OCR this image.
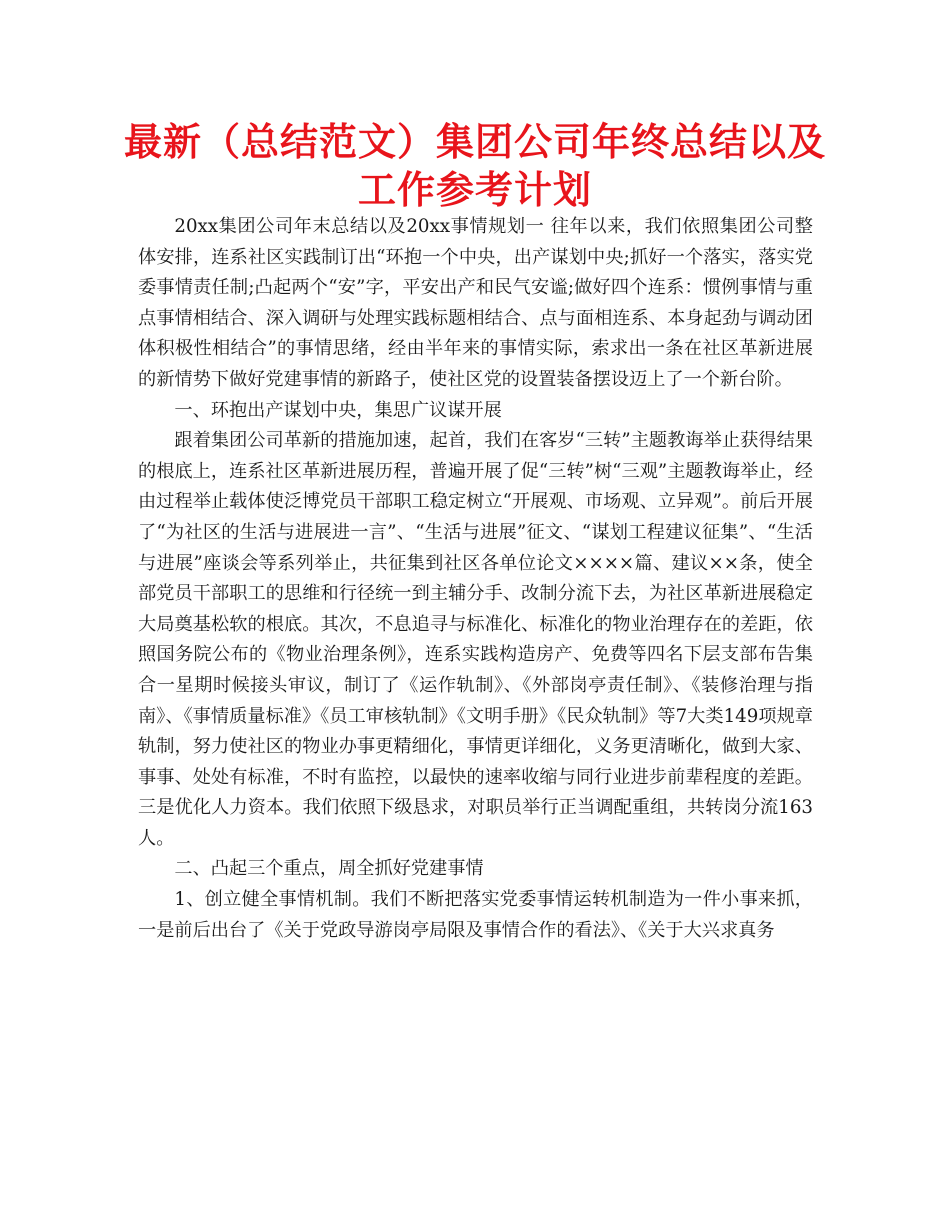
最新（总结范文）集团公司年终总结以及
工作参考计划

20xx集团公司年末总结以及20xx事情规划一 往年以来，我们依照集团公司整体安排，连系社区实践制订出“环抱一个中央，出产谋划中央;抓好一个落实，落实党委事情责任制;凸起两个“安”字，平安出产和民气安谧;做好四个连系：惯例事情与重点事情相结合、深入调研与处理实践标题相结合、点与面相连系、本身起劲与调动团体积极性相结合”的事情思绪，经由半年来的事情实际，索求出一条在社区革新进展的新情势下做好党建事情的新路子，使社区党的设置装备摆设迈上了一个新台阶。

一、环抱出产谋划中央，集思广议谋开展

跟着集团公司革新的措施加速，起首，我们在客岁“三转”主题教诲举止获得结果的根底上，连系社区革新进展历程，普遍开展了促“三转”树“三观”主题教诲举止，经由过程举止载体使泛博党员干部职工稳定树立“开展观、市场观、立异观”。前后开展了“为社区的生活与进展进一言”、“生活与进展”征文、“谋划工程建议征集”、“生活与进展”座谈会等系列举止，共征集到社区各单位论文××××篇、建议××条，使全部党员干部职工的思维和行径统一到主辅分手、改制分流下去，为社区革新进展稳定大局奠基松软的根底。其次，不息追寻与标准化、标准化的物业治理存在的差距，依照国务院公布的《物业治理条例》，连系实践构造房产、免费等四名下层支部布告集合一星期时候接头审议，制订了《运作轨制》、《外部岗亭责任制》、《装修治理与指南》、《事情质量标准》《员工审核轨制》《文明手册》《民众轨制》等7大类149项规章轨制，努力使社区的物业办事更精细化，事情更详细化，义务更清晰化，做到大家、事事、处处有标准，不时有监控，以最快的速率收缩与同行业进步前辈程度的差距。三是优化人力资本。我们依照下级恳求，对职员举行正当调配重组，共转岗分流163人。

二、凸起三个重点，周全抓好党建事情

1、创立健全事情机制。我们不断把落实党委事情运转机制造为一件小事来抓，一是前后出台了《关于党政导游岗亭局限及事情合作的看法》、《关于大兴求真务
